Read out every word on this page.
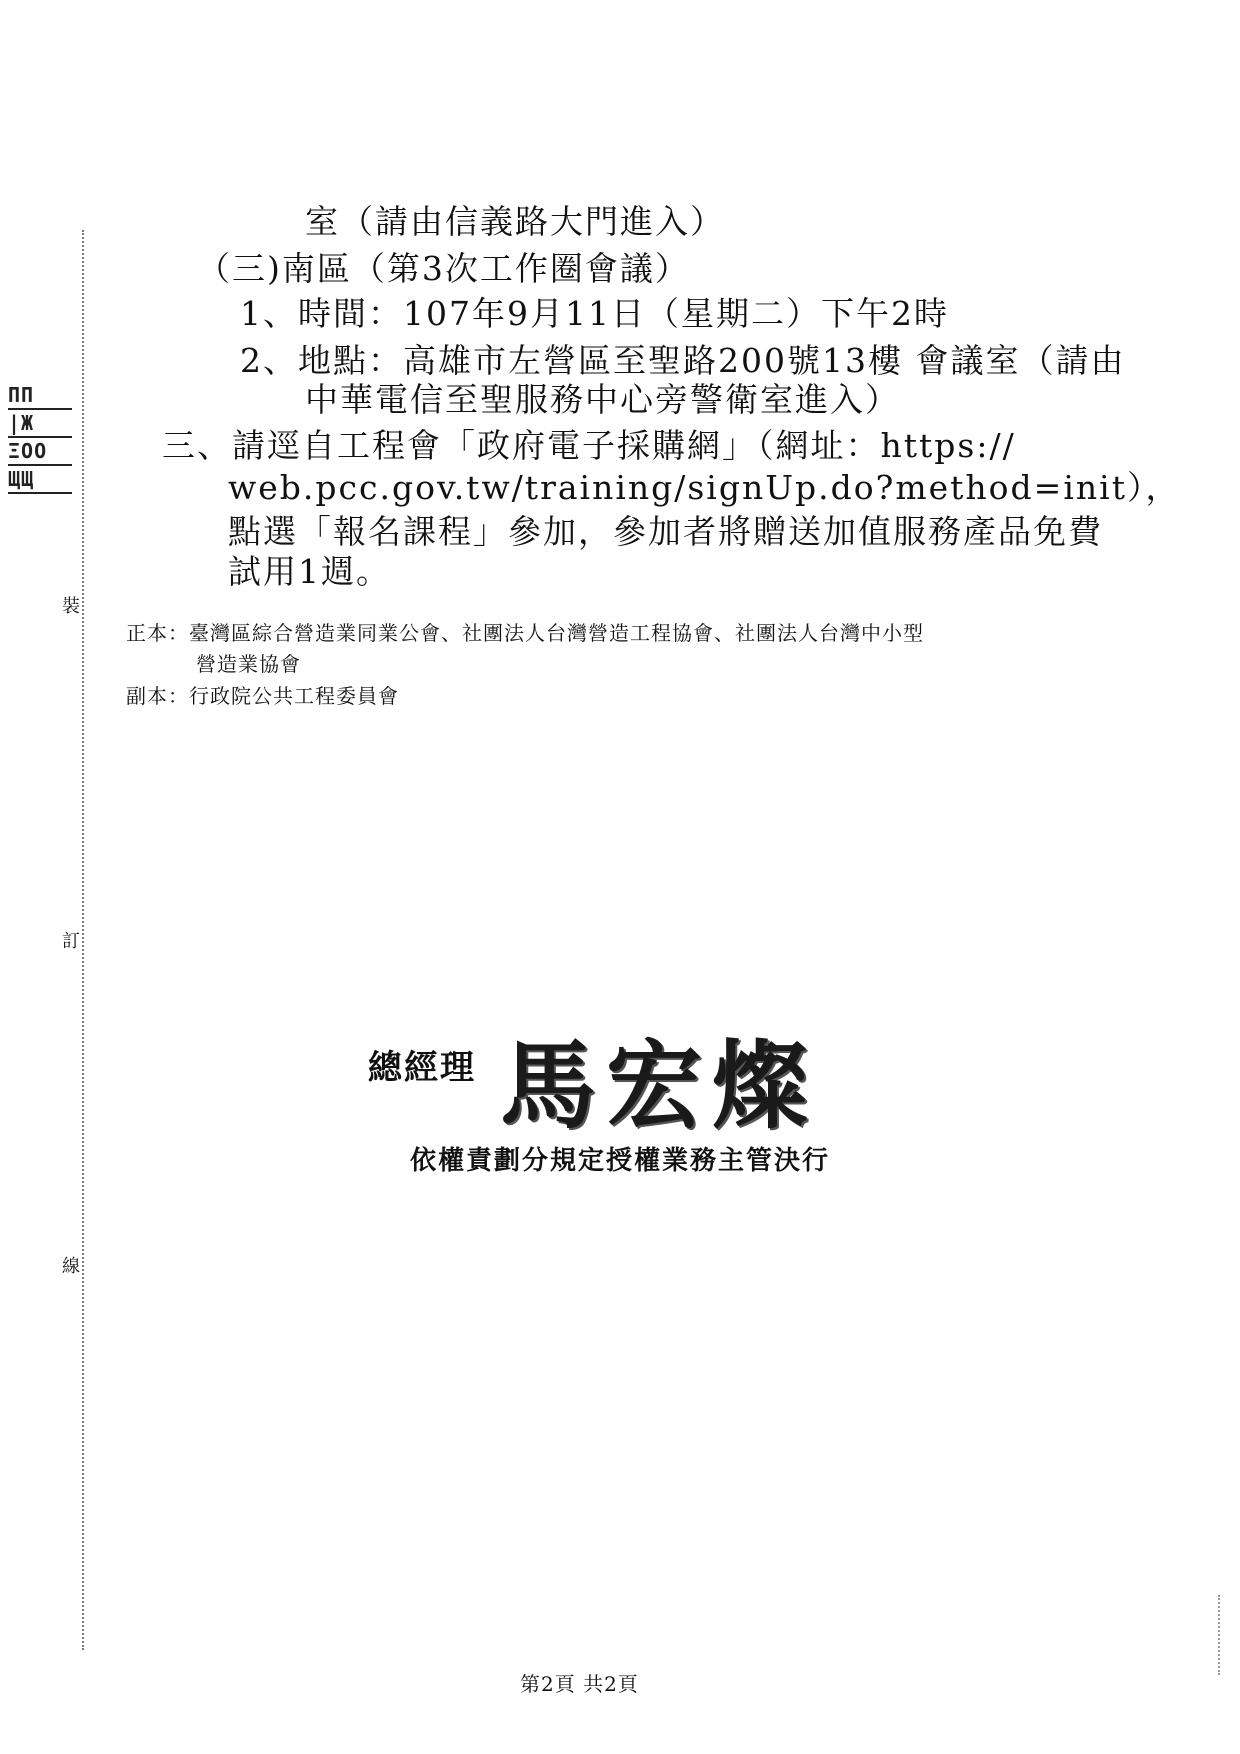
ΠΠ
|Ж
ΞOO
ЩЩ
裝
訂
線
室（請由信義路大門進入）
（三)南區（第3次工作圈會議）
1、時間：107年9月11日（星期二）下午2時
2、地點：高雄市左營區至聖路200號13樓 會議室（請由
中華電信至聖服務中心旁警衛室進入）
三、請逕自工程會「政府電子採購網」（網址：https://
web.pcc.gov.tw/training/signUp.do?method=init），
點選「報名課程」參加，參加者將贈送加值服務產品免費
試用1週。
正本：臺灣區綜合營造業同業公會、社團法人台灣營造工程協會、社團法人台灣中小型
營造業協會
副本：行政院公共工程委員會
總經理 馬宏燦
依權責劃分規定授權業務主管決行
第2頁 共2頁
